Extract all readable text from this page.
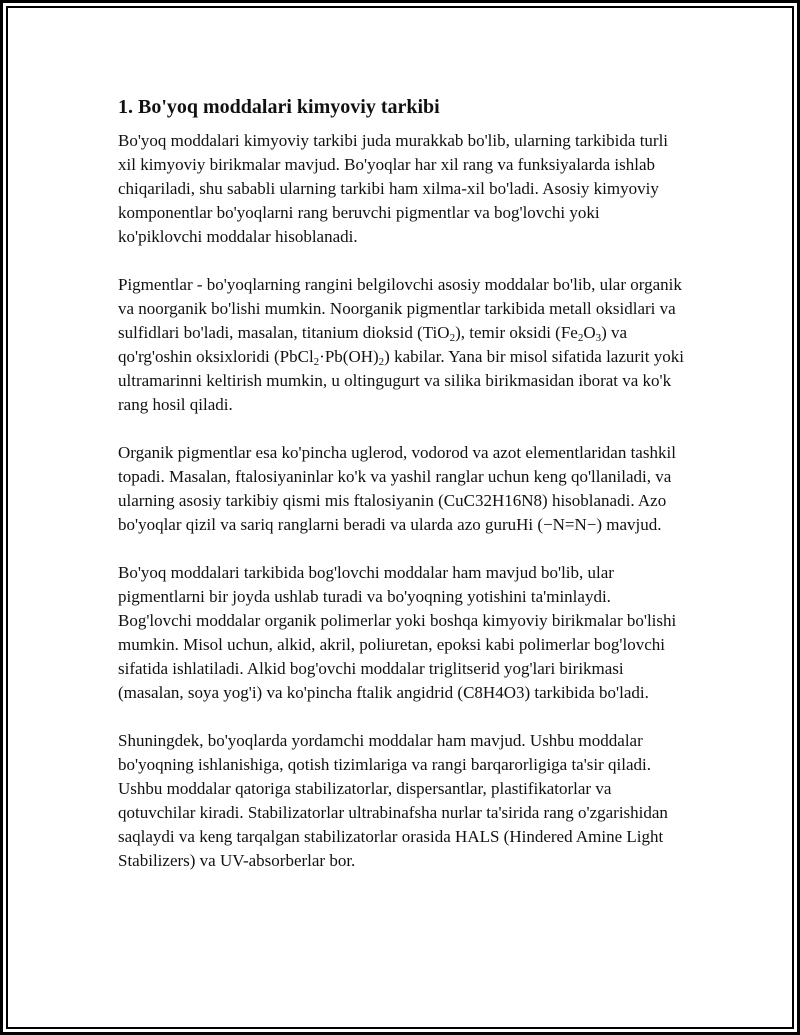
1. Bo'yoq moddalari kimyoviy tarkibi

Bo'yoq moddalari kimyoviy tarkibi juda murakkab bo'lib, ularning tarkibida turli xil kimyoviy birikmalar mavjud. Bo'yoqlar har xil rang va funksiyalarda ishlab chiqariladi, shu sababli ularning tarkibi ham xilma-xil bo'ladi. Asosiy kimyoviy komponentlar bo'yoqlarni rang beruvchi pigmentlar va bog'lovchi yoki ko'piklovchi moddalar hisoblanadi.

Pigmentlar - bo'yoqlarning rangini belgilovchi asosiy moddalar bo'lib, ular organik va noorganik bo'lishi mumkin. Noorganik pigmentlar tarkibida metall oksidlari va sulfidlari bo'ladi, masalan, titanium dioksid (TiO$_2$), temir oksidi $(Fe_2O_3)$ va qo'rg'oshin oksixloridi $(PbCl_2\cdot Pb(OH)_2)$ kabilar. Yana bir misol sifatida lazurit yoki ultramarinni keltirish mumkin, u oltingugurt va silika birikmasidan iborat va ko'k rang hosil qiladi.

Organik pigmentlar esa ko'pincha uglerod, vodorod va azot elementlaridan tashkil topadi. Masalan, ftalosiyaninlar ko'k va yashil ranglar uchun keng qo'llaniladi, va ularning asosiy tarkibiy qismi mis ftalosiyanin (CuC32H16N8) hisoblanadi. Azo bo'yoqlar qizil va sariq ranglarni beradi va ularda azo guruHi (−N=N−) mavjud.

Bo'yoq moddalari tarkibida bog'lovchi moddalar ham mavjud bo'lib, ular pigmentlarni bir joyda ushlab turadi va bo'yoqning yotishini ta'minlaydi. Bog'lovchi moddalar organik polimerlar yoki boshqa kimyoviy birikmalar bo'lishi mumkin. Misol uchun, alkid, akril, poliuretan, epoksi kabi polimerlar bog'lovchi sifatida ishlatiladi. Alkid bog'ovchi moddalar triglitserid yog'lari birikmasi (masalan, soya yog'i) va ko'pincha ftalik angidrid (C8H4O3) tarkibida bo'ladi.

Shuningdek, bo'yoqlarda yordamchi moddalar ham mavjud. Ushbu moddalar bo'yoqning ishlanishiga, qotish tizimlariga va rangi barqarorligiga ta'sir qiladi. Ushbu moddalar qatoriga stabilizatorlar, dispersantlar, plastifikatorlar va qotuvchilar kiradi. Stabilizatorlar ultrabinafsha nurlar ta'sirida rang o'zgarishidan saqlaydi va keng tarqalgan stabilizatorlar orasida HALS (Hindered Amine Light Stabilizers) va UV-absorberlar bor.
